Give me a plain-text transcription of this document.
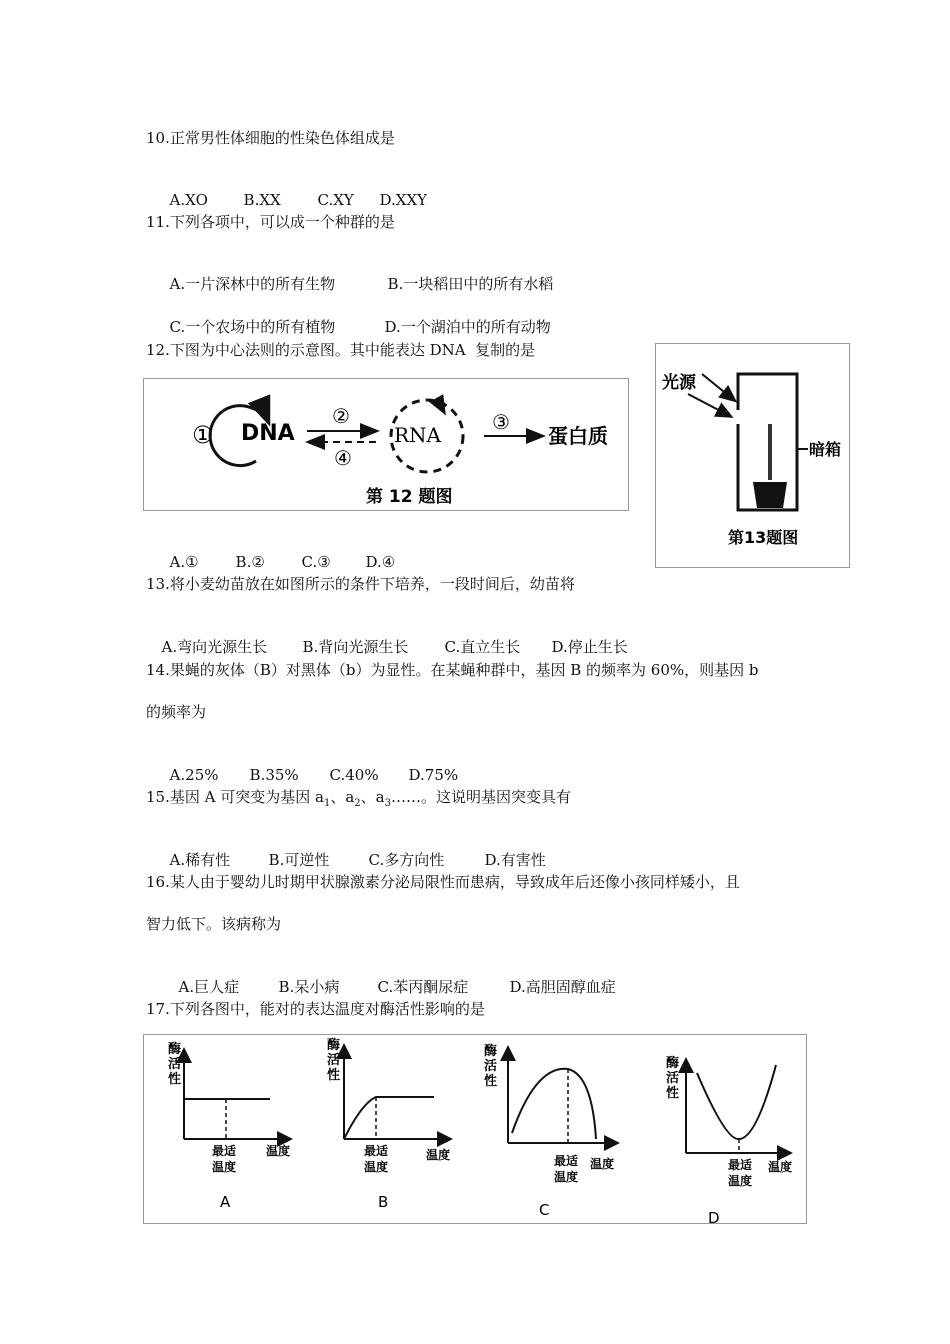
10.正常男性体细胞的性染色体组成是

A.XO B.XX C.XY D.XXY

11.下列各项中，可以成一个种群的是

A.一片深林中的所有生物	B.一块稻田中的所有水稻

C.一个农场中的所有植物	D.一个湖泊中的所有动物

12.下图为中心法则的示意图。其中能表达 DNA  复制的是
① DNA
②
④
RNA
③
蛋白质
第 12 题图

A.① B.② C.③ D.④

光源
暗箱
第13题图
13.将小麦幼苗放在如图所示的条件下培养，一段时间后，幼苗将

A.弯向光源生长 B.背向光源生长 C.直立生长 D.停止生长

14.果蝇的灰体（B）对黑体（b）为显性。在某蝇种群中，基因 B 的频率为 60%，则基因 b
的频率为

A.25% B.35% C.40% D.75%

15.基因 A 可突变为基因 $a_1$、$a_2$、$a_3\dots\dots$。这说明基因突变具有

A.稀有性	B.可逆性	C.多方向性	D.有害性

16.某人由于婴幼儿时期甲状腺激素分泌局限性而患病，导致成年后还像小孩同样矮小，且
智力低下。该病称为

A.巨人症	B.呆小病	C.苯丙酮尿症	D.高胆固醇血症

17.下列各图中，能对的表达温度对酶活性影响的是
酶
活
性
最适
温度
温度
A
酶
活
性
最适
温度
温度
B
酶
活
性
最适
温度
温度
C
酶
活
性
最适
温度
温度
D
